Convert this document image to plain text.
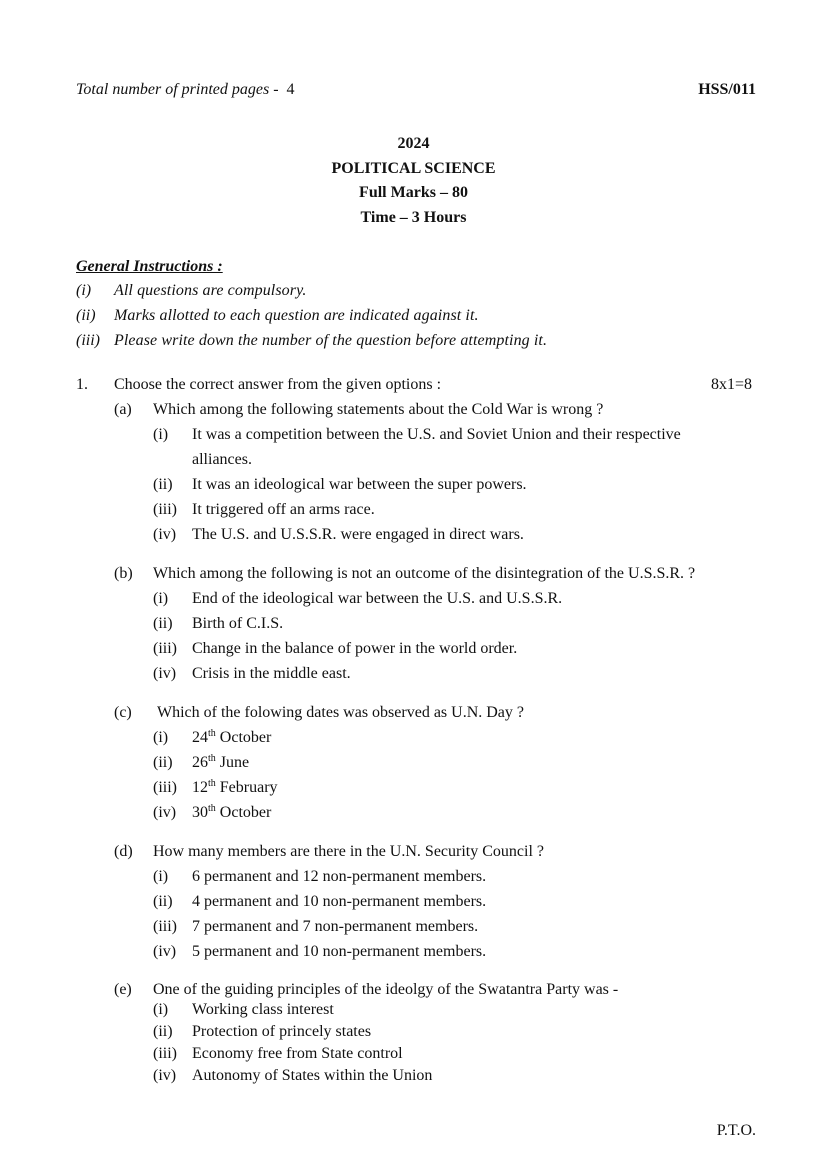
Total number of printed pages - 4	HSS/011
2024
POLITICAL SCIENCE
Full Marks – 80
Time – 3 Hours
General Instructions :
(i) All questions are compulsory.
(ii) Marks allotted to each question are indicated against it.
(iii) Please write down the number of the question before attempting it.
1. Choose the correct answer from the given options :	8x1=8
(a) Which among the following statements about the Cold War is wrong ?
(i) It was a competition between the U.S. and Soviet Union and their respective
alliances.
(ii) It was an ideological war between the super powers.
(iii) It triggered off an arms race.
(iv) The U.S. and U.S.S.R. were engaged in direct wars.
(b) Which among the following is not an outcome of the disintegration of the U.S.S.R. ?
(i) End of the ideological war between the U.S. and U.S.S.R.
(ii) Birth of C.I.S.
(iii) Change in the balance of power in the world order.
(iv) Crisis in the middle east.
(c) Which of the folowing dates was observed as U.N. Day ?
(i) 24th October
(ii) 26th June
(iii) 12th February
(iv) 30th October
(d) How many members are there in the U.N. Security Council ?
(i) 6 permanent and 12 non-permanent members.
(ii) 4 permanent and 10 non-permanent members.
(iii) 7 permanent and 7 non-permanent members.
(iv) 5 permanent and 10 non-permanent members.
(e) One of the guiding principles of the ideolgy of the Swatantra Party was -
(i) Working class interest
(ii) Protection of princely states
(iii) Economy free from State control
(iv) Autonomy of States within the Union
P.T.O.
